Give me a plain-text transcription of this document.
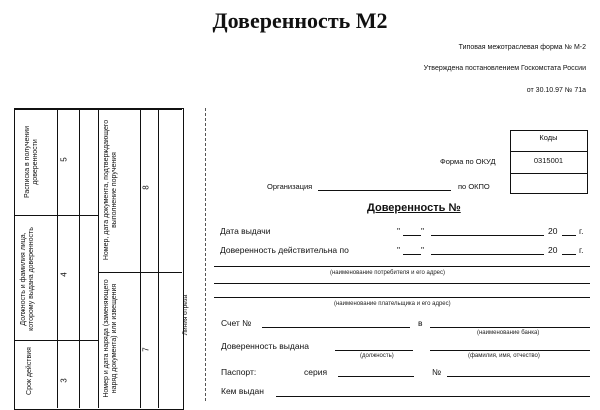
Доверенность М2
Типовая межотраслевая форма № М-2
Утверждена постановлением Госкомстата России
от 30.10.97 № 71а
Распиcка в получении доверенности	5
Должность и фамилия лица, которому выдана доверенность	4
Номер, дата документа, подтверждающего выполнение поручения	8
Номер и дата наряда (заменяющего наряд документа) или извещения	7
Срок действия	3
Линия отреза
Коды
0315001
Форма по ОКУД
по ОКПО
Организация
Доверенность №
Дата выдачи	" "	20	г.
Доверенность действительна по	" "	20	г.
(наименование потребителя и его адрес)
(наименование плательщика и его адрес)
Счет №	в
(наименование банка)
Доверенность выдана
(должность)	(фамилия, имя, отчество)
Паспорт:	серия	№
Кем выдан
